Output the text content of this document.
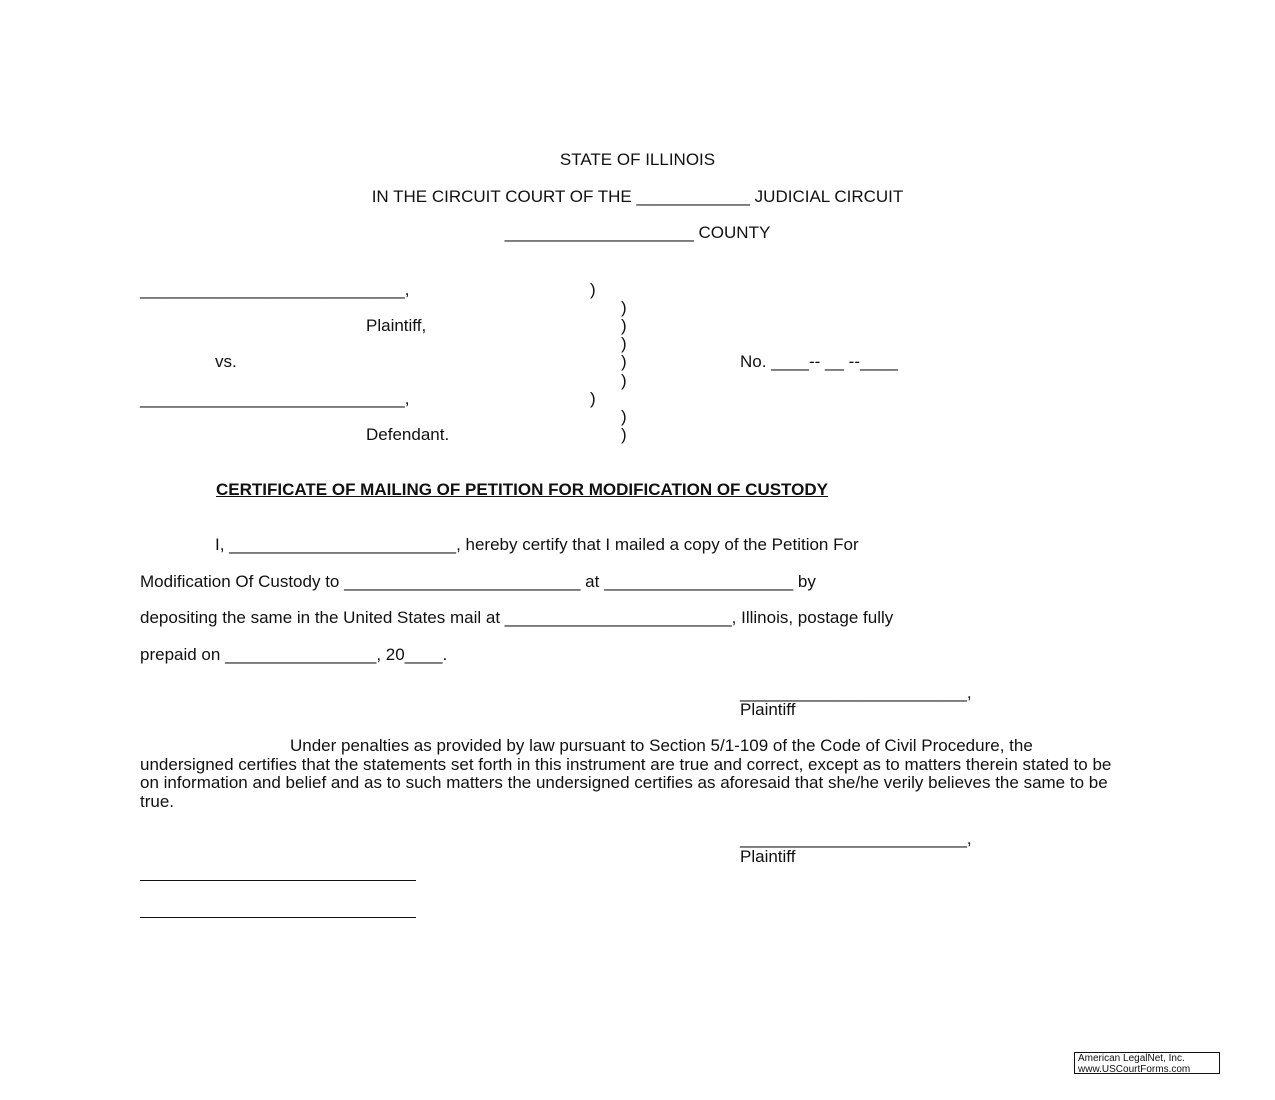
STATE OF ILLINOIS
IN THE CIRCUIT COURT OF THE ____________ JUDICIAL CIRCUIT
____________________ COUNTY
____________________________,
Plaintiff,
vs.
____________________________,
Defendant.
No. ____-- __ --____
)
)
)
)
)
)
)
)
)
CERTIFICATE OF MAILING OF PETITION FOR MODIFICATION OF CUSTODY
I, ________________________, hereby certify that I mailed a copy of the Petition For
Modification Of Custody to _________________________ at ____________________ by
depositing the same in the United States mail at ________________________, Illinois, postage fully
prepaid on ________________, 20____.
________________________,
Plaintiff
Under penalties as provided by law pursuant to Section 5/1-109 of the Code of Civil Procedure, the undersigned certifies that the statements set forth in this instrument are true and correct, except as to matters therein stated to be on information and belief and as to such matters the undersigned certifies as aforesaid that she/he verily believes the same to be true.
________________________,
Plaintiff
American LegalNet, Inc.
www.USCourtForms.com
